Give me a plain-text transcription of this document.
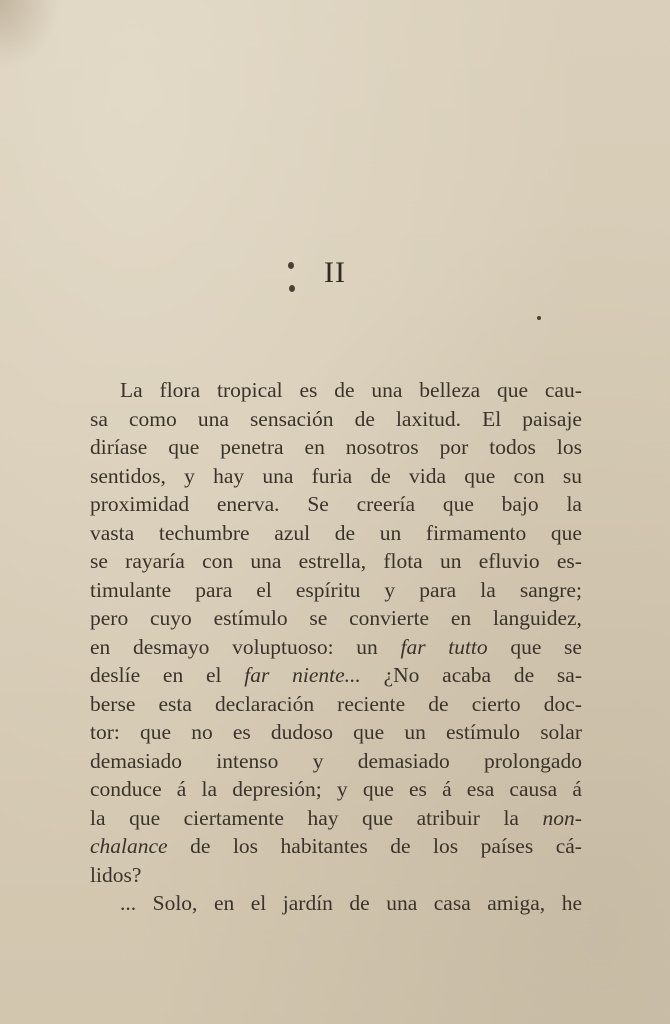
II
La flora tropical es de una belleza que cau-
sa como una sensación de laxitud. El paisaje
diríase que penetra en nosotros por todos los
sentidos, y hay una furia de vida que con su
proximidad enerva. Se creería que bajo la
vasta techumbre azul de un firmamento que
se rayaría con una estrella, flota un efluvio es-
timulante para el espíritu y para la sangre;
pero cuyo estímulo se convierte en languidez,
en desmayo voluptuoso: un far tutto que se
deslíe en el far niente... ¿No acaba de sa-
berse esta declaración reciente de cierto doc-
tor: que no es dudoso que un estímulo solar
demasiado intenso y demasiado prolongado
conduce á la depresión; y que es á esa causa á
la que ciertamente hay que atribuir la non-
chalance de los habitantes de los países cá-
lidos?
... Solo, en el jardín de una casa amiga, he
